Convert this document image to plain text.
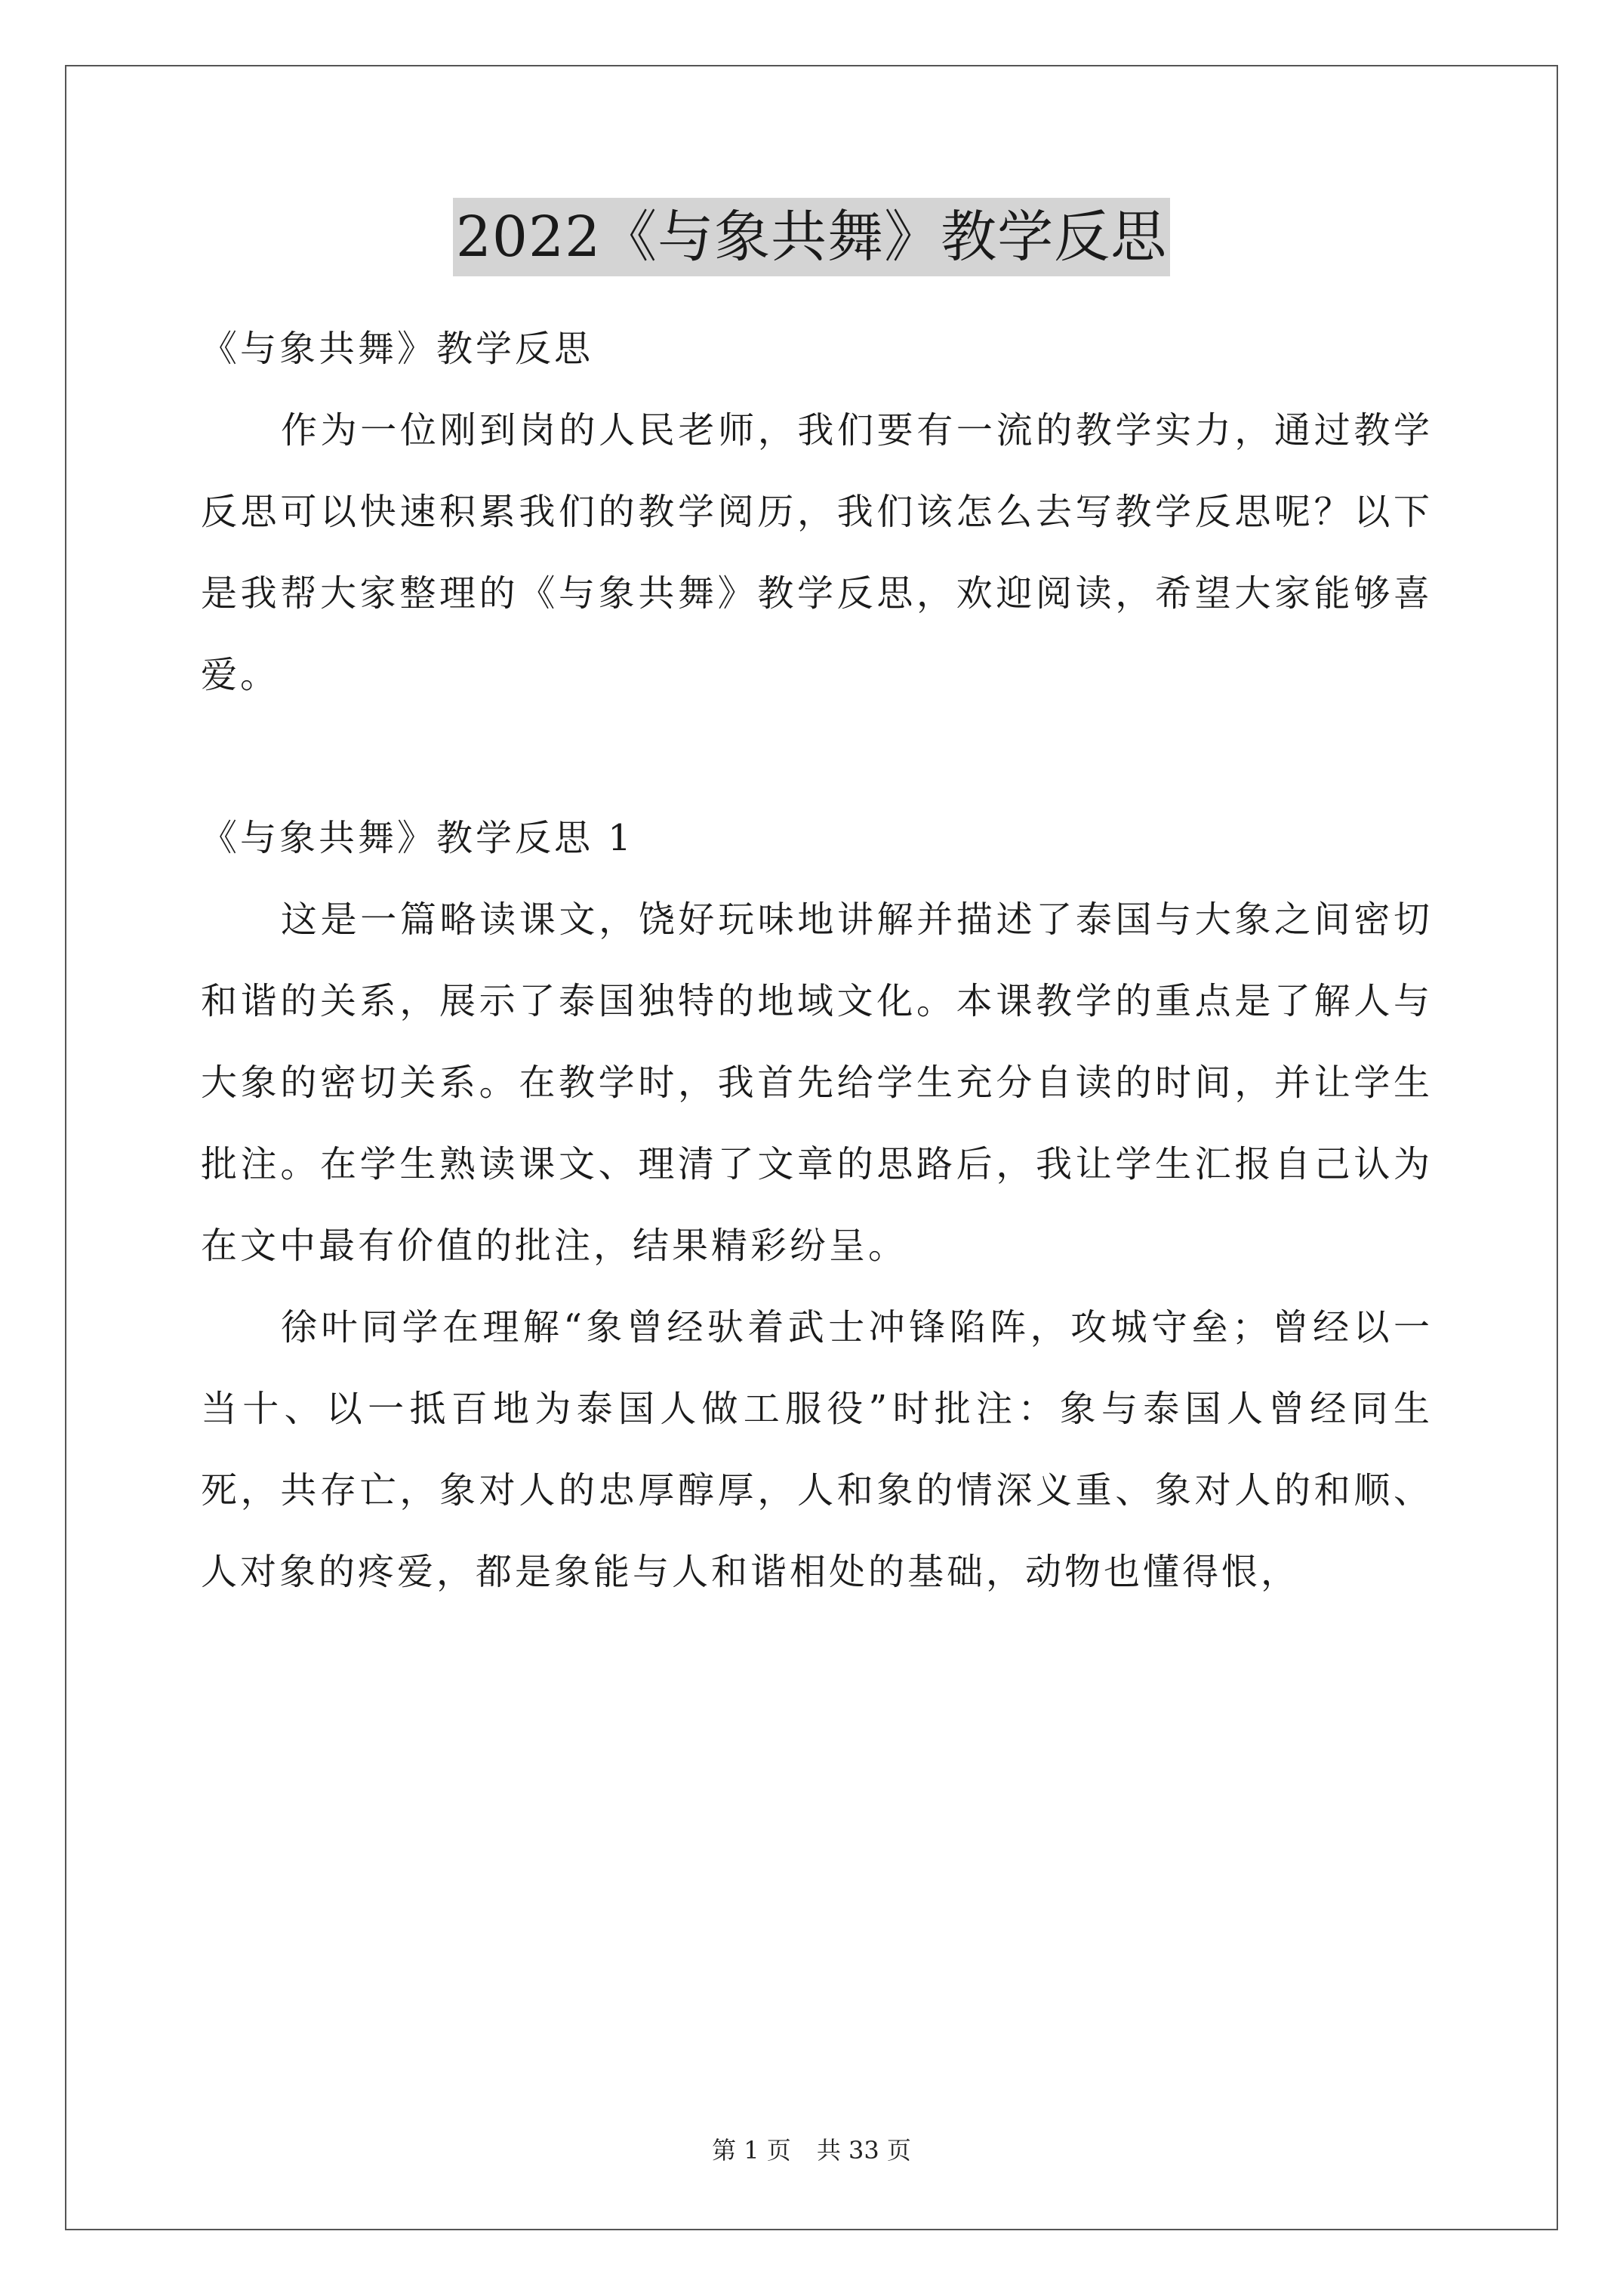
2022《与象共舞》教学反思

《与象共舞》教学反思

作为一位刚到岗的人民老师，我们要有一流的教学实力，通过教学反思可以快速积累我们的教学阅历，我们该怎么去写教学反思呢？以下是我帮大家整理的《与象共舞》教学反思，欢迎阅读，希望大家能够喜爱。

《与象共舞》教学反思 1

这是一篇略读课文，饶好玩味地讲解并描述了泰国与大象之间密切和谐的关系，展示了泰国独特的地域文化。本课教学的重点是了解人与大象的密切关系。在教学时，我首先给学生充分自读的时间，并让学生批注。在学生熟读课文、理清了文章的思路后，我让学生汇报自己认为在文中最有价值的批注，结果精彩纷呈。

徐叶同学在理解“象曾经驮着武士冲锋陷阵，攻城守垒；曾经以一当十、以一抵百地为泰国人做工服役”时批注：象与泰国人曾经同生死，共存亡，象对人的忠厚醇厚，人和象的情深义重、象对人的和顺、人对象的疼爱，都是象能与人和谐相处的基础，动物也懂得恨，

第 1 页 共 33 页
